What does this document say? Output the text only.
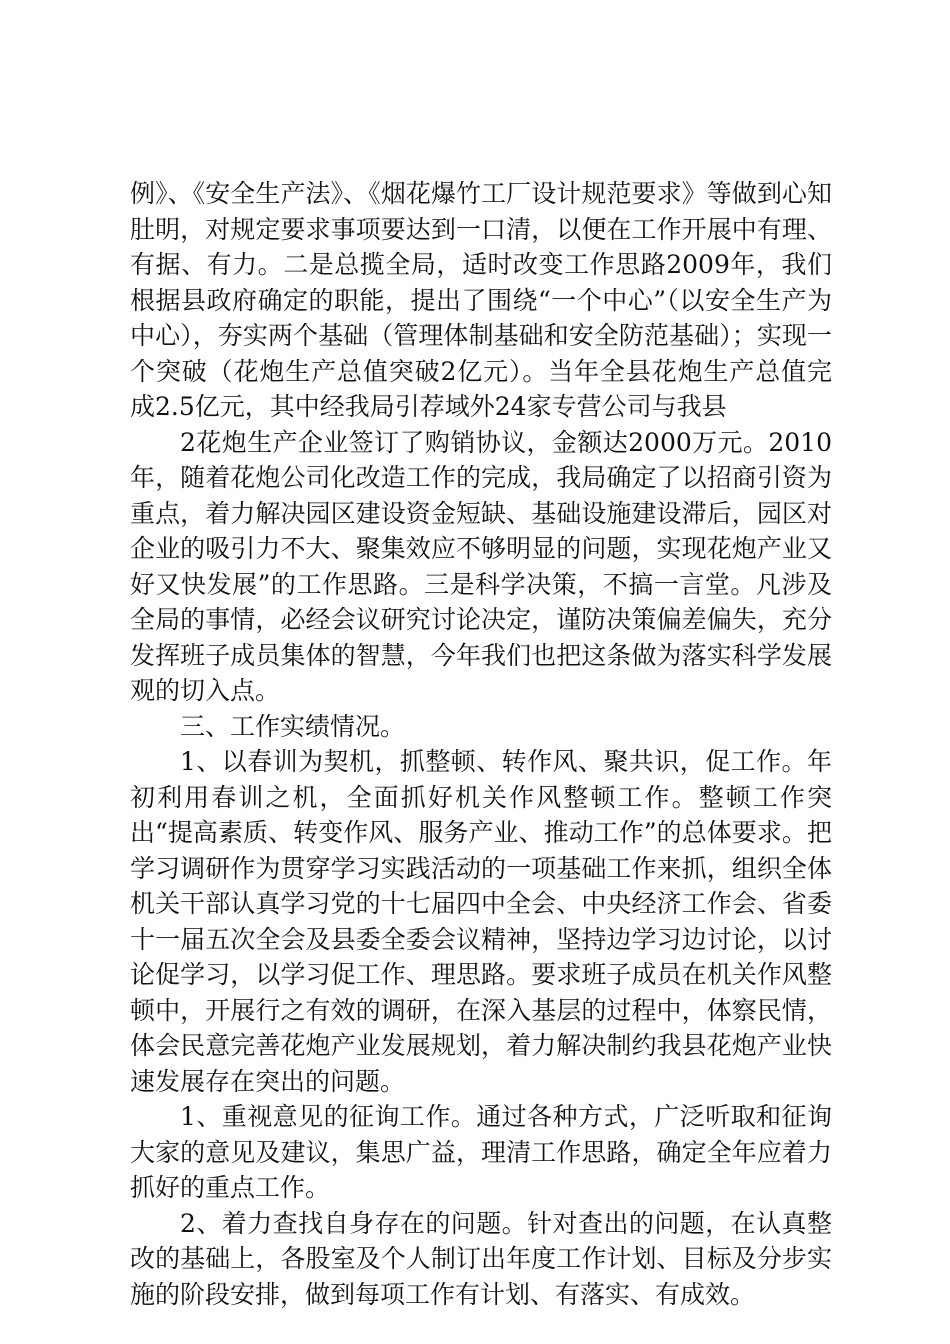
例》、《安全生产法》、《烟花爆竹工厂设计规范要求》等做到心知肚明，对规定要求事项要达到一口清，以便在工作开展中有理、有据、有力。二是总揽全局，适时改变工作思路2009年，我们根据县政府确定的职能，提出了围绕“一个中心”（以安全生产为中心），夯实两个基础（管理体制基础和安全防范基础）；实现一个突破（花炮生产总值突破2亿元）。当年全县花炮生产总值完成2.5亿元，其中经我局引荐域外24家专营公司与我县

2花炮生产企业签订了购销协议，金额达2000万元。2010年，随着花炮公司化改造工作的完成，我局确定了以招商引资为重点，着力解决园区建设资金短缺、基础设施建设滞后，园区对企业的吸引力不大、聚集效应不够明显的问题，实现花炮产业又好又快发展”的工作思路。三是科学决策，不搞一言堂。凡涉及全局的事情，必经会议研究讨论决定，谨防决策偏差偏失，充分发挥班子成员集体的智慧，今年我们也把这条做为落实科学发展观的切入点。

三、工作实绩情况。

1、以春训为契机，抓整顿、转作风、聚共识，促工作。年初利用春训之机，全面抓好机关作风整顿工作。整顿工作突出“提高素质、转变作风、服务产业、推动工作”的总体要求。把学习调研作为贯穿学习实践活动的一项基础工作来抓，组织全体机关干部认真学习党的十七届四中全会、中央经济工作会、省委十一届五次全会及县委全委会议精神，坚持边学习边讨论，以讨论促学习，以学习促工作、理思路。要求班子成员在机关作风整顿中，开展行之有效的调研，在深入基层的过程中，体察民情，体会民意完善花炮产业发展规划，着力解决制约我县花炮产业快速发展存在突出的问题。

1、重视意见的征询工作。通过各种方式，广泛听取和征询大家的意见及建议，集思广益，理清工作思路，确定全年应着力抓好的重点工作。

2、着力查找自身存在的问题。针对查出的问题，在认真整改的基础上，各股室及个人制订出年度工作计划、目标及分步实施的阶段安排，做到每项工作有计划、有落实、有成效。
